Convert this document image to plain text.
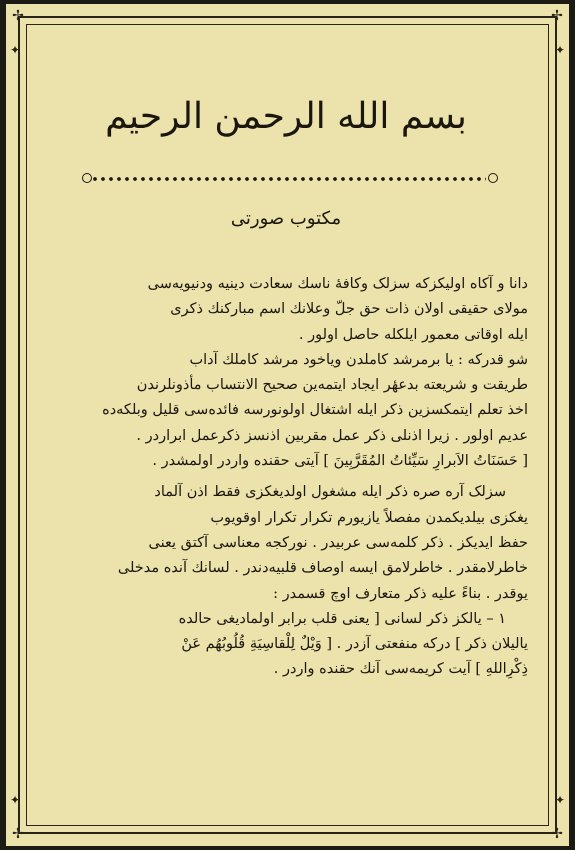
✢	✢
✢	✢
✦	✦
✦	✦
بسم الله الرحمن الرحيم
مکتوب صورتی
دانا و آکاه اولیکزکه سزلک وکافهٔ ناسك سعادت دینیه ودنیویه‌سی
مولای حقیقی اولان ذات حق جلّ وعلانك اسم مبارکنك ذکری
ایله اوقاتی معمور ایلکله حاصل اولور .
شو قدرکه : یا برمرشد کاملدن ویاخود مرشد کاملك آداب
طریقت و شریعته بدعهٔر ایجاد ایتمه‌ین صحیح الانتساب مأذونلرندن
اخذ تعلم ایتمکسزین ذکر ایله اشتغال اولونورسه فائده‌سی قلیل وبلکه‌ده
عدیم اولور . زیرا اذنلی ذکر عمل مقربین اذنسز ذکرعمل ابراردر .
[ حَسَنَاتُ الاَبرارِ سَیِّئاتُ المُقَرَّبِینَ ] آیتی حقنده واردر اولمشدر .
سزلک آره صره ذکر ایله مشغول اولدیغکزی فقط اذن آلماد
یغکزی بیلدیکمدن مفصلاً یازیورم تکرار تکرار اوقویوب
حفظ ایدیکز . ذکر کلمه‌سی عربیدر . نورکجه معناسی آکتق یعنی
خاطرلامقدر . خاطرلامق ایسه اوصاف قلبیه‌دندر . لسانك آنده مدخلی
یوقدر . بناءً علیه ذکر متعارف اوچ قسمدر :
١ – یالکز ذکر لسانی [ یعنی قلب برابر اولمادیغی حالده
یالیلان ذکر ] درکه منفعتی آزدر . [ وَیْلٌ لِلْقاسِیَةِ قُلُوبُهُم عَنْ
ذِکْرِاللهِ ] آیت کریمه‌سی آنك حقنده واردر .
